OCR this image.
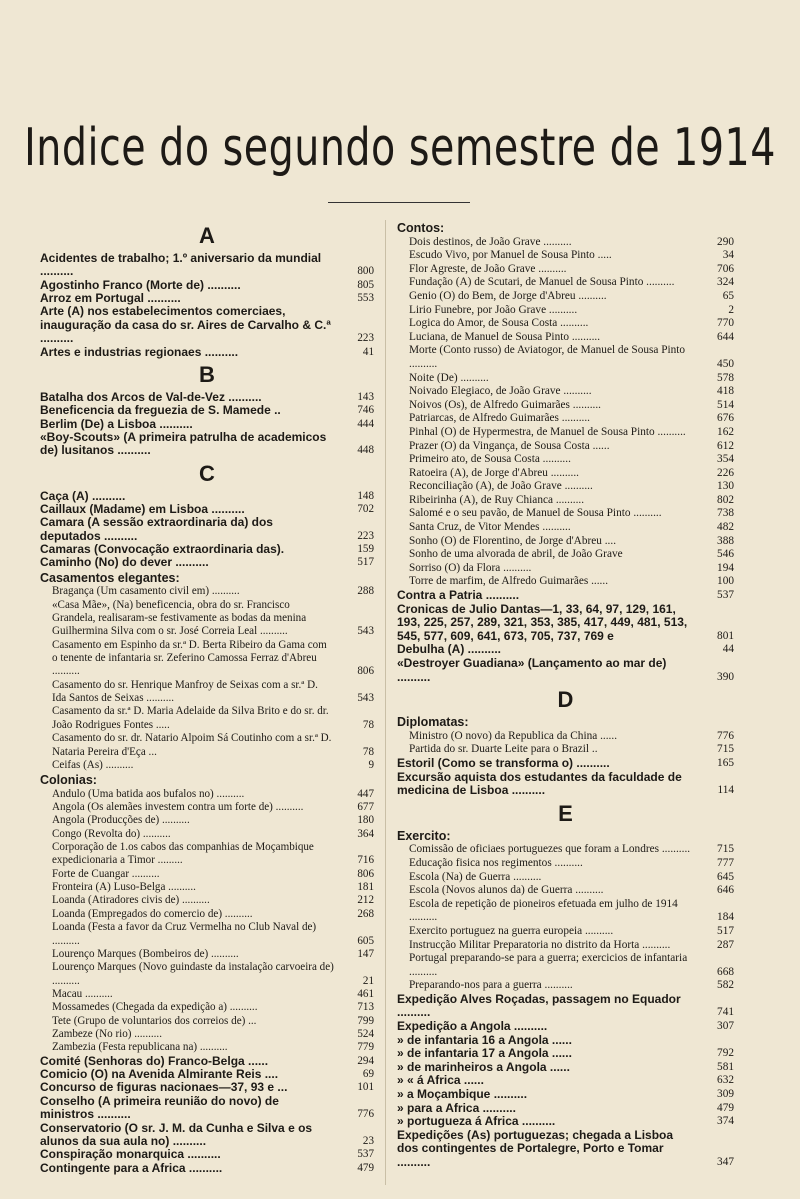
Indice do segundo semestre de 1914
A
Acidentes de trabalho; 1.º aniversario da mundial ..........	800
Agostinho Franco (Morte de) ..........	805
Arroz em Portugal ..........	553
Arte (A) nos estabelecimentos comerciaes, inauguração da casa do sr. Aires de Carvalho & C.ª ..........	223
Artes e industrias regionaes ..........	41
B
Batalha dos Arcos de Val-de-Vez ..........	143
Beneficencia da freguezia de S. Mamede ..	746
Berlim (De) a Lisboa ..........	444
«Boy-Scouts» (A primeira patrulha de academicos de) lusitanos ..........	448
C
Caça (A) ..........	148
Caillaux (Madame) em Lisboa ..........	702
Camara (A sessão extraordinaria da) dos deputados ..........	223
Camaras (Convocação extraordinaria das).	159
Caminho (No) do dever ..........	517
Casamentos elegantes:
Bragança (Um casamento civil em) ..........	288
«Casa Mãe», (Na) beneficencia, obra do sr. Francisco Grandela, realisaram-se festivamente as bodas da menina Guilhermina Silva com o sr. José Correia Leal ..........	543
Casamento em Espinho da sr.ª D. Berta Ribeiro da Gama com o tenente de infantaria sr. Zeferino Camossa Ferraz d'Abreu ..........	806
Casamento do sr. Henrique Manfroy de Seixas com a sr.ª D. Ida Santos de Seixas ..........	543
Casamento da sr.ª D. Maria Adelaide da Silva Brito e do sr. dr. João Rodrigues Fontes .....	78
Casamento do sr. dr. Natario Alpoim Sá Coutinho com a sr.ª D. Nataria Pereira d'Eça ...	78
Ceifas (As) ..........	9
Colonias:
Andulo (Uma batida aos bufalos no) ..........	447
Angola (Os alemães investem contra um forte de) ..........	677
Angola (Producções de) ..........	180
Congo (Revolta do) ..........	364
Corporação de 1.os cabos das companhias de Moçambique expedicionaria a Timor .........	716
Forte de Cuangar ..........	806
Fronteira (A) Luso-Belga ..........	181
Loanda (Atiradores civis de) ..........	212
Loanda (Empregados do comercio de) ..........	268
Loanda (Festa a favor da Cruz Vermelha no Club Naval de) ..........	605
Lourenço Marques (Bombeiros de) ..........	147
Lourenço Marques (Novo guindaste da instalação carvoeira de) ..........	21
Macau ..........	461
Mossamedes (Chegada da expedição a) ..........	713
Tete (Grupo de voluntarios dos correios de) ...	799
Zambeze (No rio) ..........	524
Zambezia (Festa republicana na) ..........	779
Comité (Senhoras do) Franco-Belga ......	294
Comicio (O) na Avenida Almirante Reis ....	69
Concurso de figuras nacionaes—37, 93 e ...	101
Conselho (A primeira reunião do novo) de ministros ..........	776
Conservatorio (O sr. J. M. da Cunha e Silva e os alunos da sua aula no) ..........	23
Conspiração monarquica ..........	537
Contingente para a Africa ..........	479
Contos:
Dois destinos, de João Grave ..........	290
Escudo Vivo, por Manuel de Sousa Pinto .....	34
Flor Agreste, de João Grave ..........	706
Fundação (A) de Scutari, de Manuel de Sousa Pinto ..........	324
Genio (O) do Bem, de Jorge d'Abreu ..........	65
Lirio Funebre, por João Grave ..........	2
Logica do Amor, de Sousa Costa ..........	770
Luciana, de Manuel de Sousa Pinto ..........	644
Morte (Conto russo) de Aviatogor, de Manuel de Sousa Pinto ..........	450
Noite (De) ..........	578
Noivado Elegiaco, de João Grave ..........	418
Noivos (Os), de Alfredo Guimarães ..........	514
Patriarcas, de Alfredo Guimarães ..........	676
Pinhal (O) de Hypermestra, de Manuel de Sousa Pinto ..........	162
Prazer (O) da Vingança, de Sousa Costa ......	612
Primeiro ato, de Sousa Costa ..........	354
Ratoeira (A), de Jorge d'Abreu ..........	226
Reconciliação (A), de João Grave ..........	130
Ribeirinha (A), de Ruy Chianca ..........	802
Salomé e o seu pavão, de Manuel de Sousa Pinto ..........	738
Santa Cruz, de Vitor Mendes ..........	482
Sonho (O) de Florentino, de Jorge d'Abreu ....	388
Sonho de uma alvorada de abril, de João Grave	546
Sorriso (O) da Flora ..........	194
Torre de marfim, de Alfredo Guimarães ......	100
Contra a Patria ..........	537
Cronicas de Julio Dantas—1, 33, 64, 97, 129, 161, 193, 225, 257, 289, 321, 353, 385, 417, 449, 481, 513, 545, 577, 609, 641, 673, 705, 737, 769 e	801
Debulha (A) ..........	44
«Destroyer Guadiana» (Lançamento ao mar de) ..........	390
D
Diplomatas:
Ministro (O novo) da Republica da China ......	776
Partida do sr. Duarte Leite para o Brazil ..	715
Estoril (Como se transforma o) ..........	165
Excursão aquista dos estudantes da faculdade de medicina de Lisboa ..........	114
E
Exercito:
Comissão de oficiaes portuguezes que foram a Londres ..........	715
Educação fisica nos regimentos ..........	777
Escola (Na) de Guerra ..........	645
Escola (Novos alunos da) de Guerra ..........	646
Escola de repetição de pioneiros efetuada em julho de 1914 ..........	184
Exercito portuguez na guerra europeia ..........	517
Instrucção Militar Preparatoria no distrito da Horta ..........	287
Portugal preparando-se para a guerra; exercicios de infantaria ..........	668
Preparando-nos para a guerra ..........	582
Expedição Alves Roçadas, passagem no Equador ..........	741
Expedição a Angola ..........	307
» de infantaria 16 a Angola ......
» de infantaria 17 a Angola ......	792
» de marinheiros a Angola ......	581
» « á Africa ......	632
» a Moçambique ..........	309
» para a Africa ..........	479
» portugueza á Africa ..........	374
Expedições (As) portuguezas; chegada a Lisboa dos contingentes de Portalegre, Porto e Tomar ..........	347
